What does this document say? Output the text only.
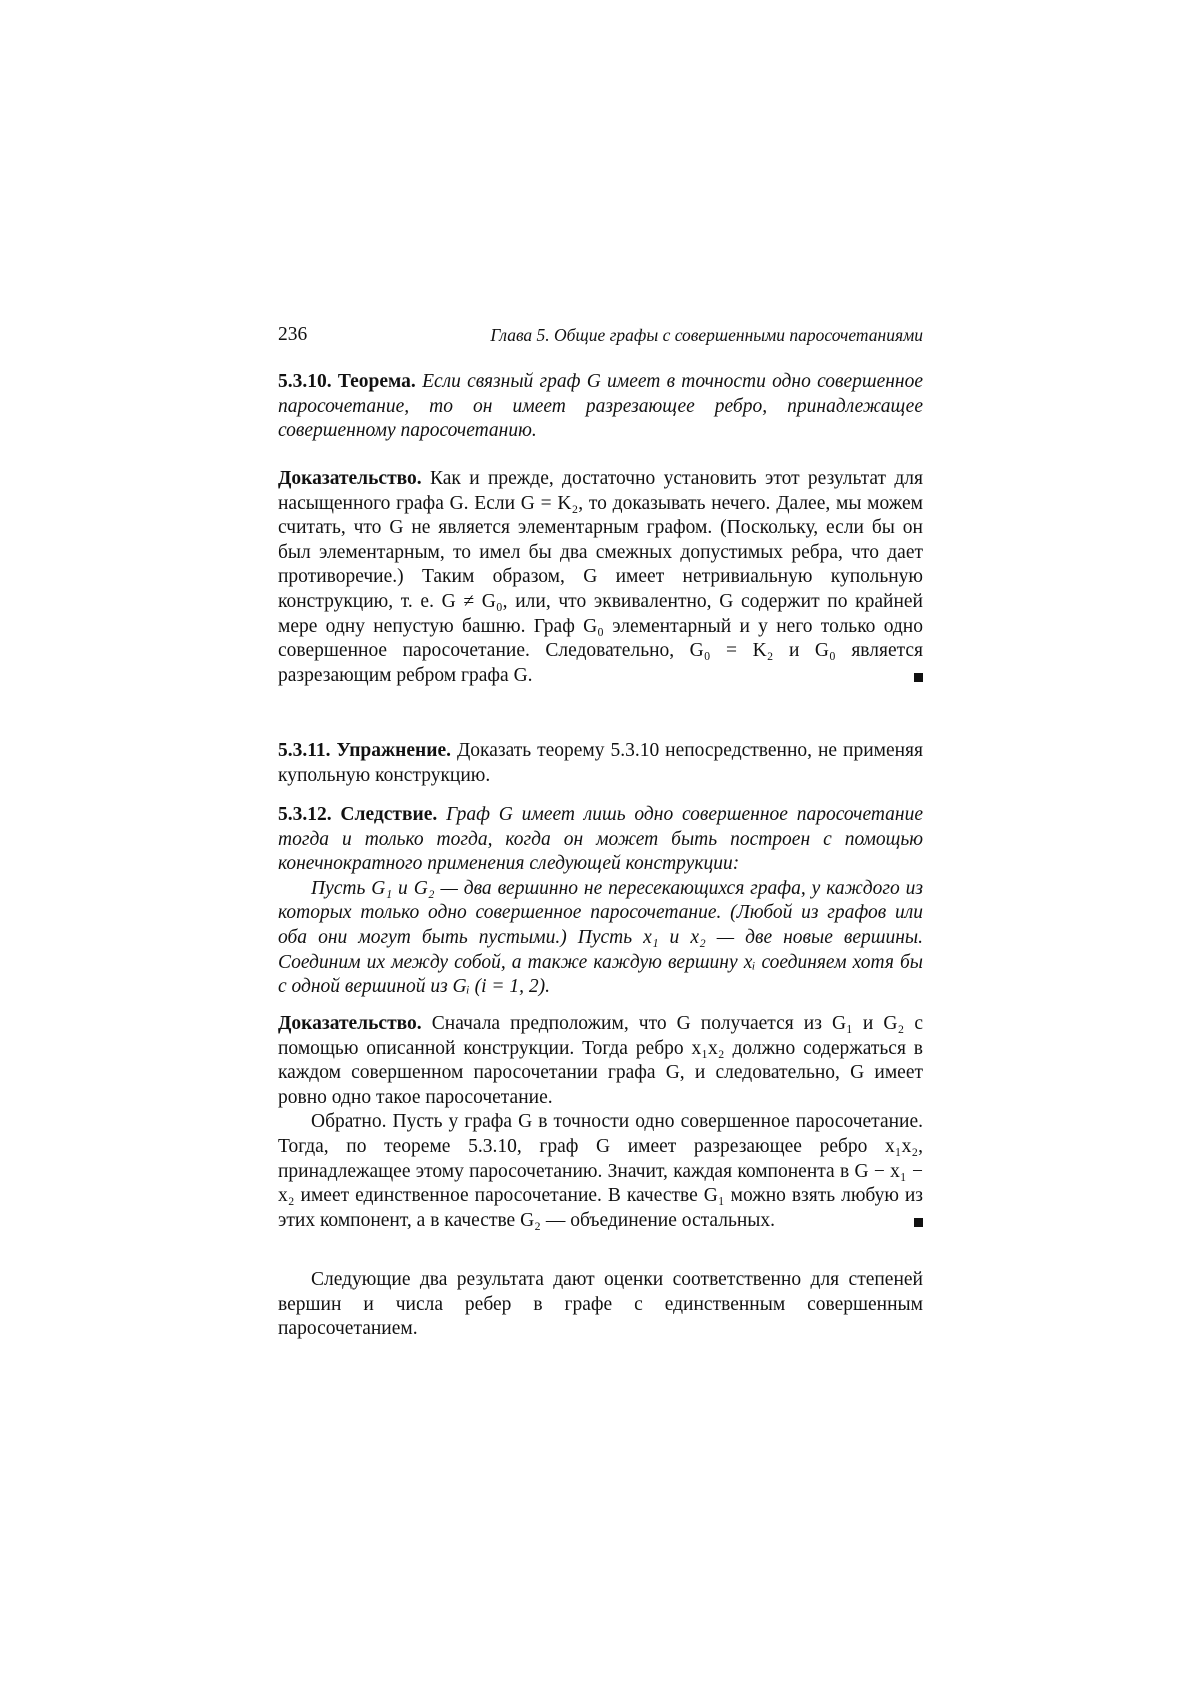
236	Глава 5. Общие графы с совершенными паросочетаниями

5.3.10. Теорема. Если связный граф G имеет в точности одно совершенное паросочетание, то он имеет разрезающее ребро, принадлежащее совершенному паросочетанию.

Доказательство. Как и прежде, достаточно установить этот результат для насыщенного графа G. Если G = K₂, то доказывать нечего. Далее, мы можем считать, что G не является элементарным графом. (Поскольку, если бы он был элементарным, то имел бы два смежных допустимых ребра, что дает противоречие.) Таким образом, G имеет нетривиальную купольную конструкцию, т. е. G ≠ G₀, или, что эквивалентно, G содержит по крайней мере одну непустую башню. Граф G₀ элементарный и у него только одно совершенное паросочетание. Следовательно, G₀ = K₂ и G₀ является разрезающим ребром графа G.

5.3.11. Упражнение. Доказать теорему 5.3.10 непосредственно, не применяя купольную конструкцию.

5.3.12. Следствие. Граф G имеет лишь одно совершенное паросочетание тогда и только тогда, когда он может быть построен с помощью конечнократного применения следующей конструкции:

Пусть G₁ и G₂ — два вершинно не пересекающихся графа, у каждого из которых только одно совершенное паросочетание. (Любой из графов или оба они могут быть пустыми.) Пусть x₁ и x₂ — две новые вершины. Соединим их между собой, а также каждую вершину xᵢ соединяем хотя бы с одной вершиной из Gᵢ (i = 1, 2).

Доказательство. Сначала предположим, что G получается из G₁ и G₂ с помощью описанной конструкции. Тогда ребро x₁x₂ должно содержаться в каждом совершенном паросочетании графа G, и следовательно, G имеет ровно одно такое паросочетание.

Обратно. Пусть у графа G в точности одно совершенное паросочетание. Тогда, по теореме 5.3.10, граф G имеет разрезающее ребро x₁x₂, принадлежащее этому паросочетанию. Значит, каждая компонента в G − x₁ − x₂ имеет единственное паросочетание. В качестве G₁ можно взять любую из этих компонент, а в качестве G₂ — объединение остальных.

Следующие два результата дают оценки соответственно для степеней вершин и числа ребер в графе с единственным совершенным паросочетанием.
